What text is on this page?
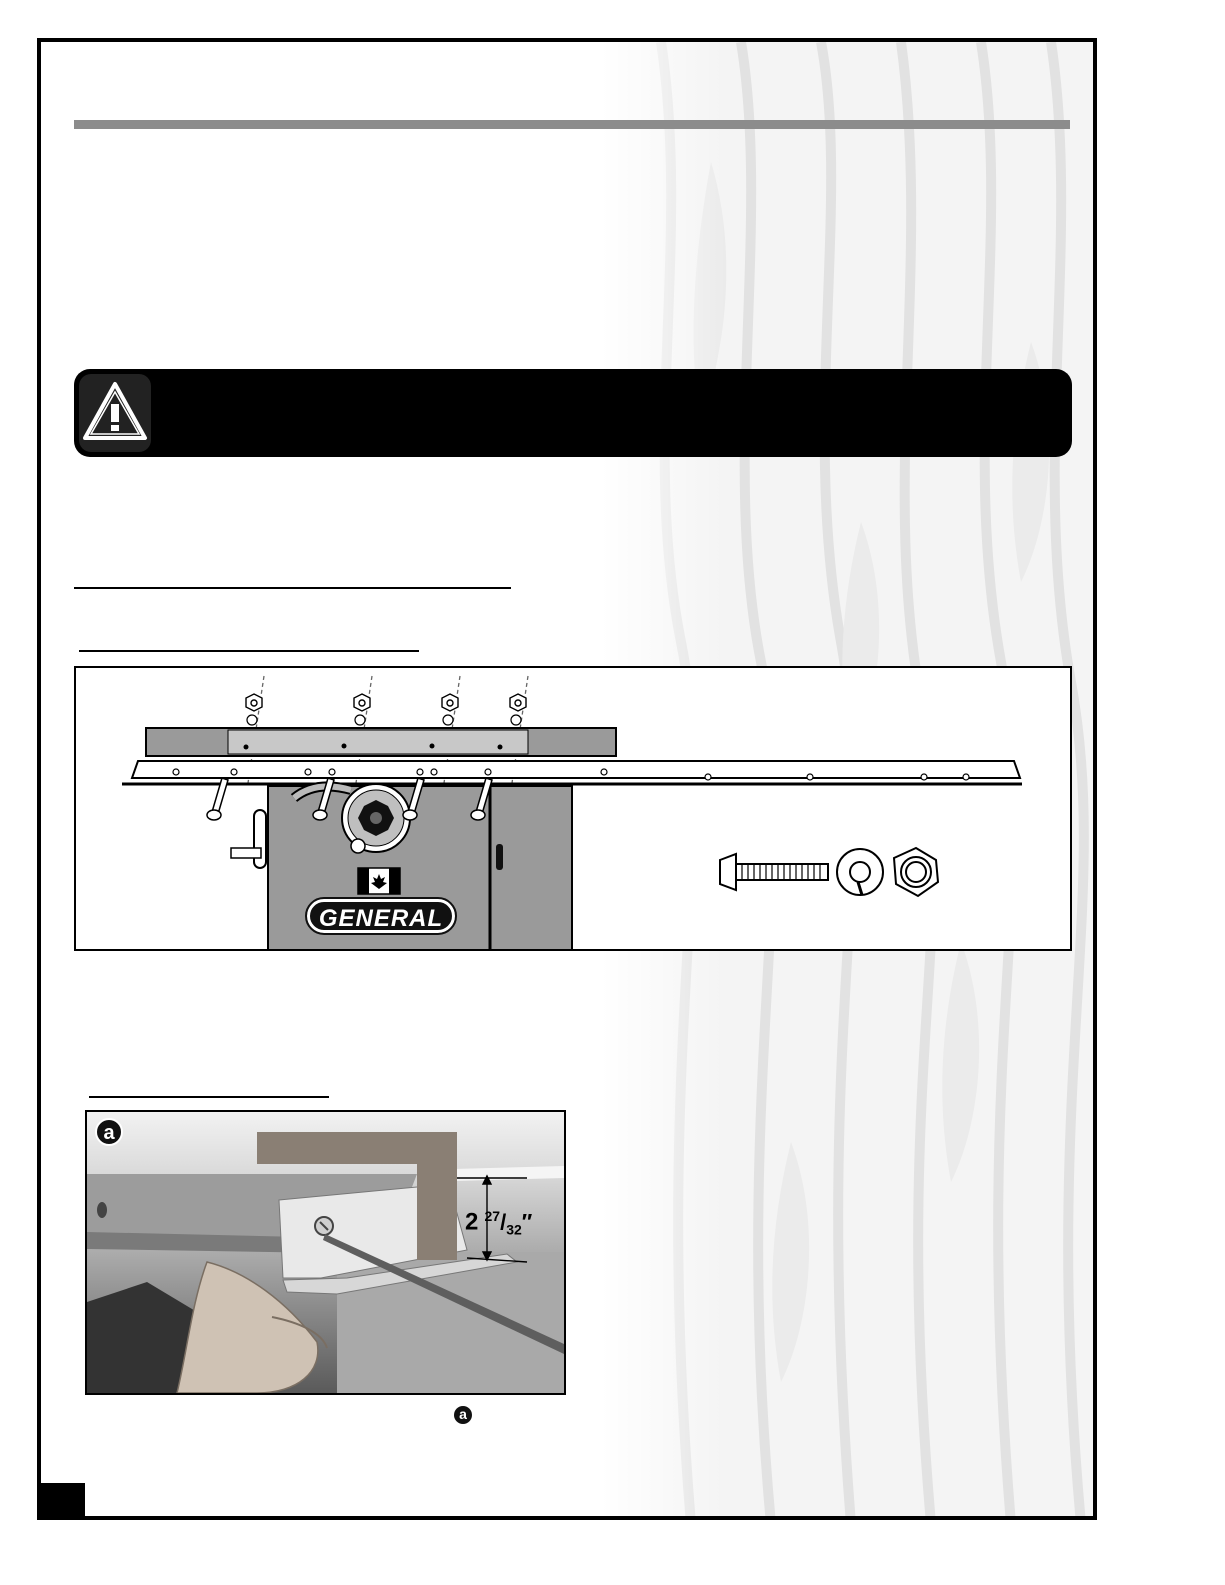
GENERAL
a
2 $^{27}/_{32}''$
a
